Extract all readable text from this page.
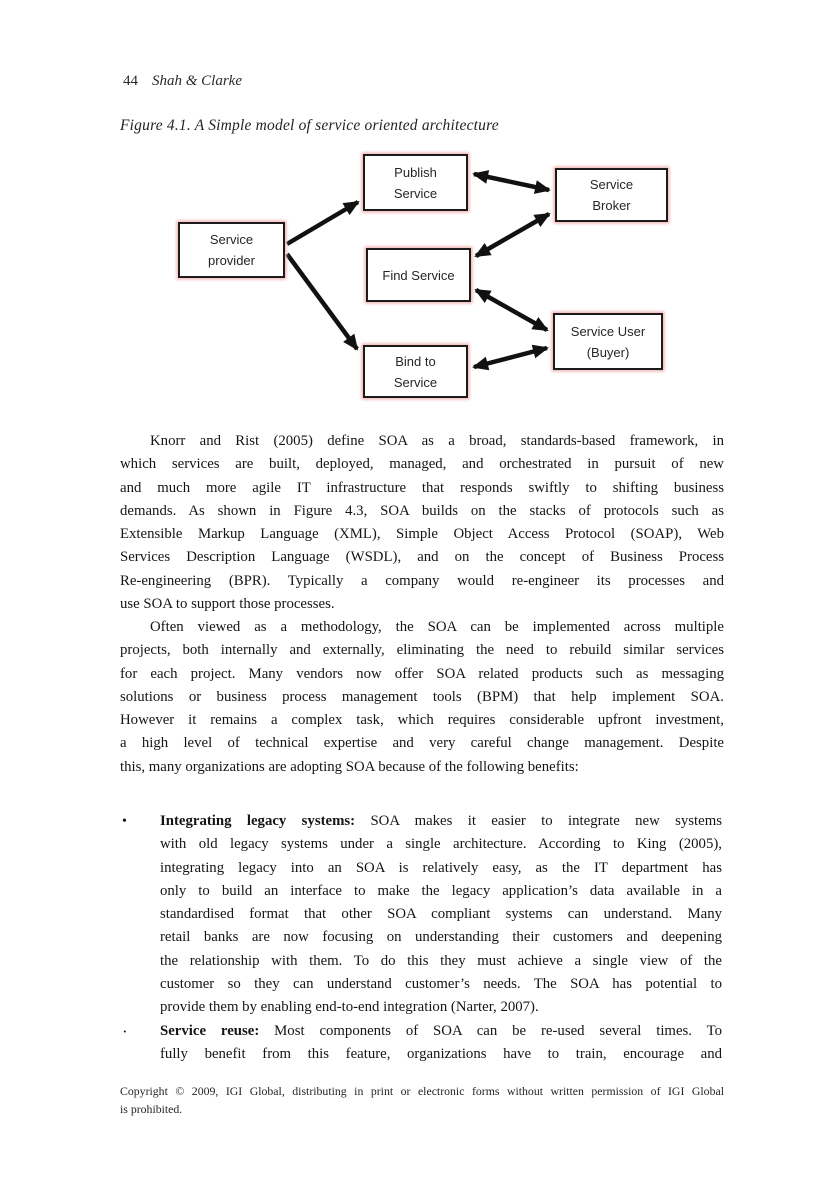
44 Shah & Clarke
Figure 4.1. A Simple model of service oriented architecture
Service
provider
Publish
Service
Find Service
Bind to
Service
Service
Broker
Service User
(Buyer)
Knorr and Rist (2005) define SOA as a broad, standards-based framework, in
which services are built, deployed, managed, and orchestrated in pursuit of new
and much more agile IT infrastructure that responds swiftly to shifting business
demands. As shown in Figure 4.3, SOA builds on the stacks of protocols such as
Extensible Markup Language (XML), Simple Object Access Protocol (SOAP), Web
Services Description Language (WSDL), and on the concept of Business Process
Re-engineering (BPR). Typically a company would re-engineer its processes and
use SOA to support those processes.
Often viewed as a methodology, the SOA can be implemented across multiple
projects, both internally and externally, eliminating the need to rebuild similar services
for each project. Many vendors now offer SOA related products such as messaging
solutions or business process management tools (BPM) that help implement SOA.
However it remains a complex task, which requires considerable upfront investment,
a high level of technical expertise and very careful change management. Despite
this, many organizations are adopting SOA because of the following benefits:
•	Integrating legacy systems: SOA makes it easier to integrate new systems
with old legacy systems under a single architecture. According to King (2005),
integrating legacy into an SOA is relatively easy, as the IT department has
only to build an interface to make the legacy application’s data available in a
standardised format that other SOA compliant systems can understand. Many
retail banks are now focusing on understanding their customers and deepening
the relationship with them. To do this they must achieve a single view of the
customer so they can understand customer’s needs. The SOA has potential to
provide them by enabling end-to-end integration (Narter, 2007).
·	Service reuse: Most components of SOA can be re-used several times. To
fully benefit from this feature, organizations have to train, encourage and
Copyright © 2009, IGI Global, distributing in print or electronic forms without written permission of IGI Global
is prohibited.
